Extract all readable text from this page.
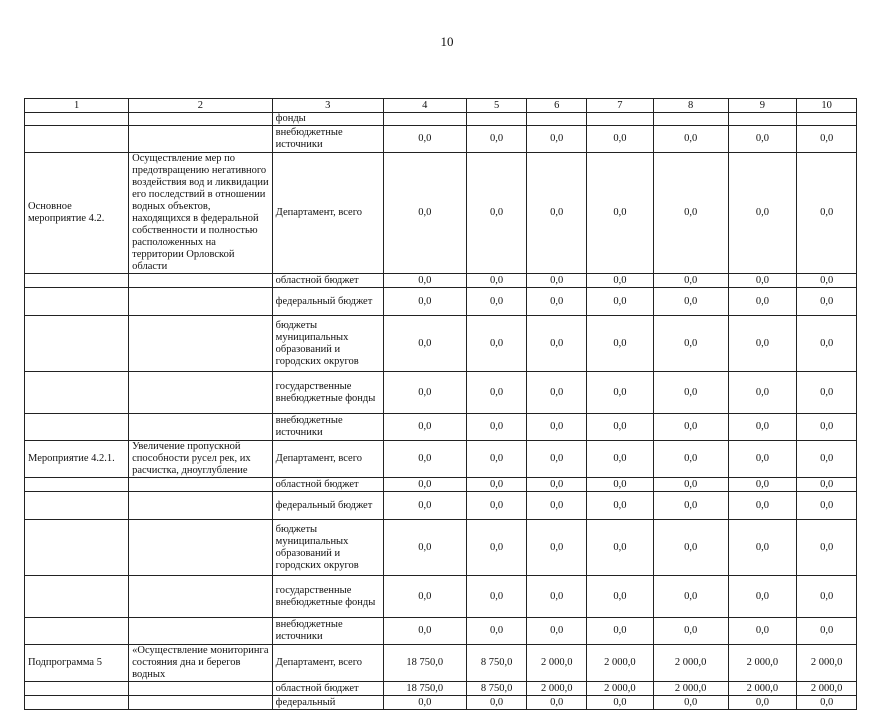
10
1	2	3	4	5	6	7	8	9	10
		фонды							
		внебюджетные источники	0,0	0,0	0,0	0,0	0,0	0,0	0,0
Основное мероприятие 4.2.	Осуществление мер по предотвращению негативного воздействия вод и ликвидации его последствий в отношении водных объектов, находящихся в федеральной собственности и полностью расположенных на территории Орловской области	Департамент, всего	0,0	0,0	0,0	0,0	0,0	0,0	0,0
		областной бюджет	0,0	0,0	0,0	0,0	0,0	0,0	0,0
		федеральный бюджет	0,0	0,0	0,0	0,0	0,0	0,0	0,0
		бюджеты муниципальных образований и городских округов	0,0	0,0	0,0	0,0	0,0	0,0	0,0
		государственные внебюджетные фонды	0,0	0,0	0,0	0,0	0,0	0,0	0,0
		внебюджетные источники	0,0	0,0	0,0	0,0	0,0	0,0	0,0
Мероприятие 4.2.1.	Увеличение пропускной способности русел рек, их расчистка, дноуглубление	Департамент, всего	0,0	0,0	0,0	0,0	0,0	0,0	0,0
		областной бюджет	0,0	0,0	0,0	0,0	0,0	0,0	0,0
		федеральный бюджет	0,0	0,0	0,0	0,0	0,0	0,0	0,0
		бюджеты муниципальных образований и городских округов	0,0	0,0	0,0	0,0	0,0	0,0	0,0
		государственные внебюджетные фонды	0,0	0,0	0,0	0,0	0,0	0,0	0,0
		внебюджетные источники	0,0	0,0	0,0	0,0	0,0	0,0	0,0
Подпрограмма 5	«Осуществление мониторинга состояния дна и берегов водных	Департамент, всего	18 750,0	8 750,0	2 000,0	2 000,0	2 000,0	2 000,0	2 000,0
		областной бюджет	18 750,0	8 750,0	2 000,0	2 000,0	2 000,0	2 000,0	2 000,0
		федеральный	0,0	0,0	0,0	0,0	0,0	0,0	0,0
